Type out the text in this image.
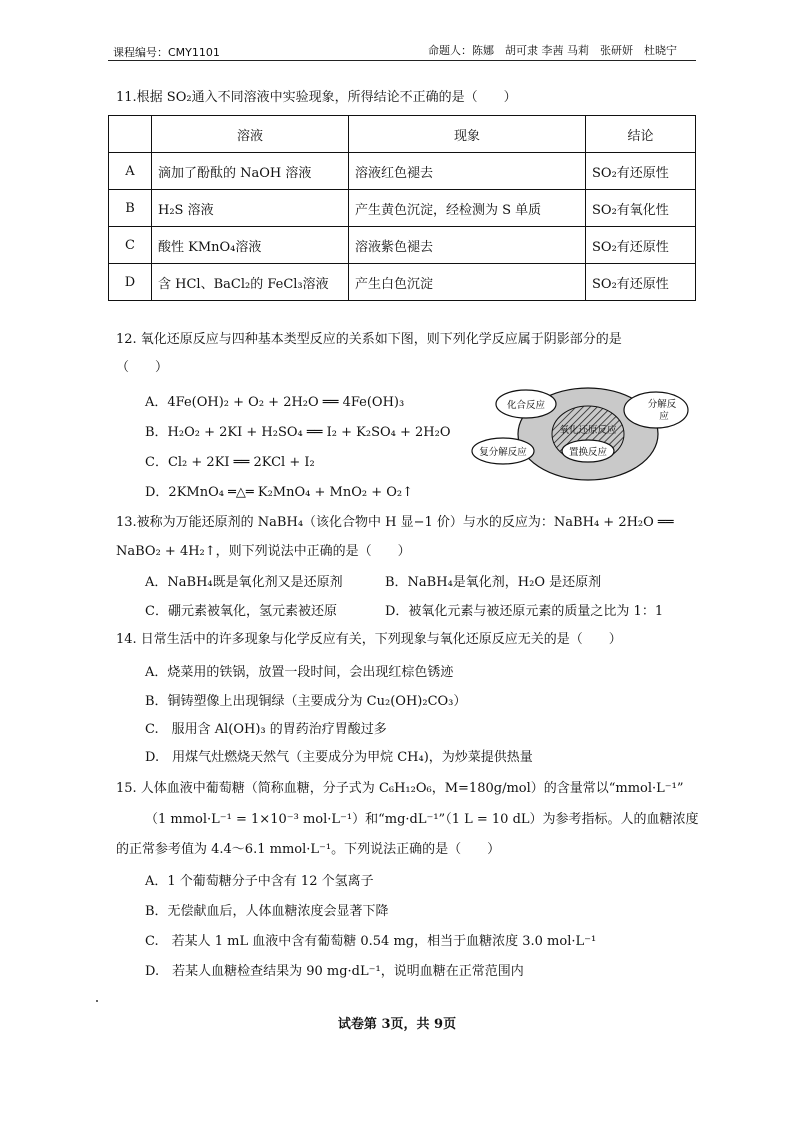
课程编号：CMY1101	命题人：陈娜　胡可隶 李茜 马莉　张研妍　杜晓宁
11.根据 SO₂通入不同溶液中实验现象，所得结论不正确的是（　　）
	溶液	现象	结论
A	滴加了酚酞的 NaOH 溶液	溶液红色褪去	SO₂有还原性
B	H₂S 溶液	产生黄色沉淀，经检测为 S 单质	SO₂有氧化性
C	酸性 KMnO₄溶液	溶液紫色褪去	SO₂有还原性
D	含 HCl、BaCl₂的 FeCl₃溶液	产生白色沉淀	SO₂有还原性
12. 氧化还原反应与四种基本类型反应的关系如下图，则下列化学反应属于阴影部分的是
（　　）
A．4Fe(OH)₂ + O₂ + 2H₂O ══ 4Fe(OH)₃
B．H₂O₂ + 2KI + H₂SO₄ ══ I₂ + K₂SO₄ + 2H₂O
C．Cl₂ + 2KI ══ 2KCl + I₂
D．2KMnO₄ ═△═ K₂MnO₄ + MnO₂ + O₂↑
化合反应	分解反
应
氧化还原反应
复分解反应	置换反应
13.被称为万能还原剂的 NaBH₄（该化合物中 H 显−1 价）与水的反应为：NaBH₄ + 2H₂O ══
NaBO₂ + 4H₂↑，则下列说法中正确的是（　　）
A．NaBH₄既是氧化剂又是还原剂	B．NaBH₄是氧化剂，H₂O 是还原剂
C．硼元素被氧化，氢元素被还原	D．被氧化元素与被还原元素的质量之比为 1：1
14. 日常生活中的许多现象与化学反应有关，下列现象与氧化还原反应无关的是（　　）
A．烧菜用的铁锅，放置一段时间，会出现红棕色锈迹
B．铜铸塑像上出现铜绿（主要成分为 Cu₂(OH)₂CO₃）
C.　服用含 Al(OH)₃ 的胃药治疗胃酸过多
D.　用煤气灶燃烧天然气（主要成分为甲烷 CH₄)，为炒菜提供热量
15. 人体血液中葡萄糖（简称血糖，分子式为 C₆H₁₂O₆，M=180g/mol）的含量常以“mmol·L⁻¹”
（1 mmol·L⁻¹ = 1×10⁻³ mol·L⁻¹）和“mg·dL⁻¹”（1 L = 10 dL）为参考指标。人的血糖浓度
的正常参考值为 4.4～6.1 mmol·L⁻¹。下列说法正确的是（　　）
A．1 个葡萄糖分子中含有 12 个氢离子
B．无偿献血后，人体血糖浓度会显著下降
C.　若某人 1 mL 血液中含有葡萄糖 0.54 mg，相当于血糖浓度 3.0 mol·L⁻¹
D.　若某人血糖检查结果为 90 mg·dL⁻¹，说明血糖在正常范围内
试卷第 3页，共 9页
